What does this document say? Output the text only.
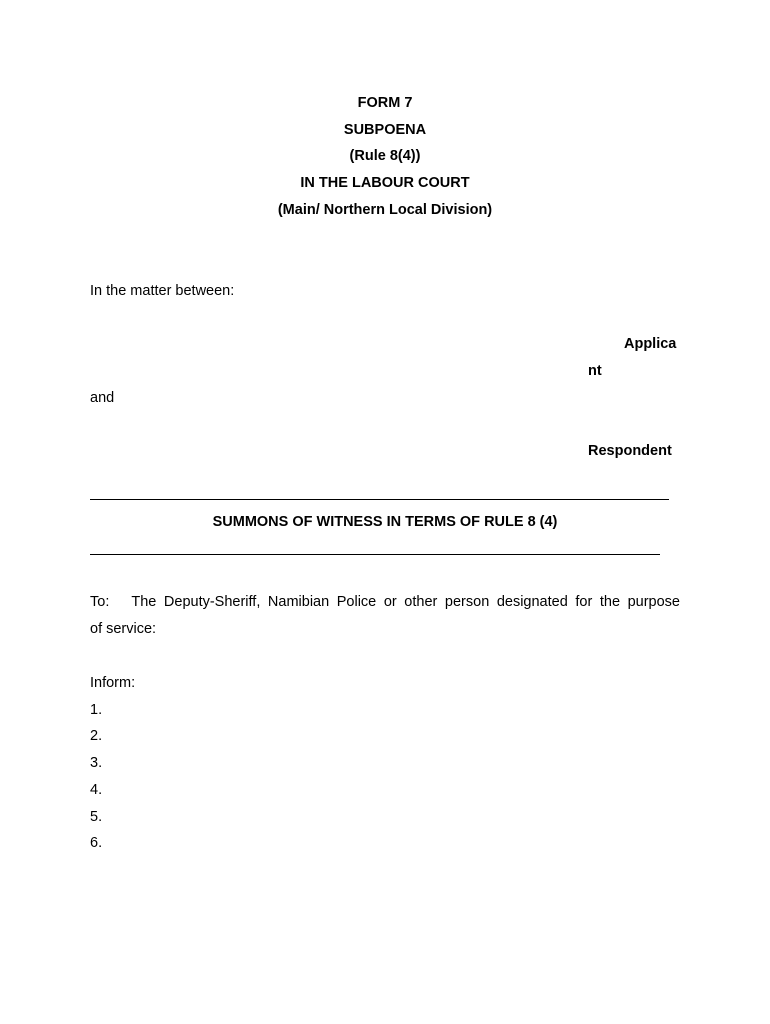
FORM 7
SUBPOENA
(Rule 8(4))
IN THE LABOUR COURT
(Main/ Northern Local Division)
In the matter between:
Applica
nt
and
Respondent
SUMMONS OF WITNESS IN TERMS OF RULE 8 (4)
To: The Deputy-Sheriff, Namibian Police or other person designated for the purpose
of service:
Inform:
1.
2.
3.
4.
5.
6.
